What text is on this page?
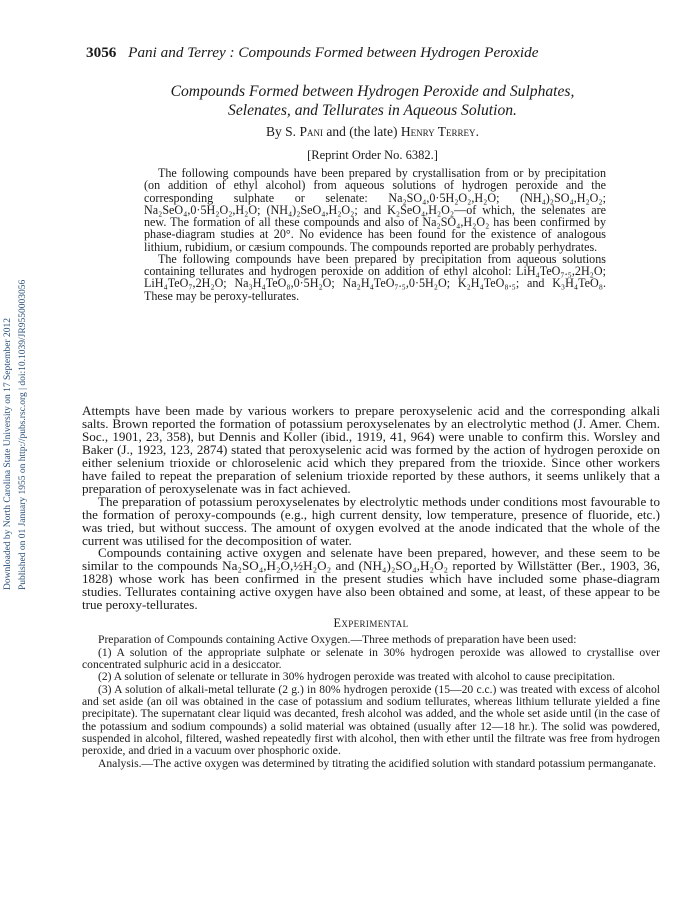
Downloaded by North Carolina State University on 17 September 2012 Published on 01 January 1955 on http://pubs.rsc.org | doi:10.1039/JR9550003056
3056 Pani and Terrey : Compounds Formed between Hydrogen Peroxide
Compounds Formed between Hydrogen Peroxide and Sulphates,
Selenates, and Tellurates in Aqueous Solution.
By S. Pani and (the late) Henry Terrey.
[Reprint Order No. 6382.]

The following compounds have been prepared by crystallisation from or by precipitation (on addition of ethyl alcohol) from aqueous solutions of hydrogen peroxide and the corresponding sulphate or selenate: Na₂SO₄,0·5H₂O₂,H₂O; (NH₄)₂SO₄,H₂O₂; Na₂SeO₄,0·5H₂O₂,H₂O; (NH₄)₂SeO₄,H₂O₂; and K₂SeO₄,H₂O₂—of which, the selenates are new. The formation of all these compounds and also of Na₂SO₄,H₂O₂ has been confirmed by phase-diagram studies at 20°. No evidence has been found for the existence of analogous lithium, rubidium, or cæsium compounds. The compounds reported are probably perhydrates.

The following compounds have been prepared by precipitation from aqueous solutions containing tellurates and hydrogen peroxide on addition of ethyl alcohol: LiH₄TeO₇.₅,2H₂O; LiH₄TeO₇,2H₂O; Na₃H₄TeO₈,0·5H₂O; Na₂H₄TeO₇.₅,0·5H₂O; K₂H₄TeO₈.₅; and K₃H₄TeO₈. These may be peroxy-tellurates.

Attempts have been made by various workers to prepare peroxyselenic acid and the corresponding alkali salts. Brown reported the formation of potassium peroxyselenates by an electrolytic method (J. Amer. Chem. Soc., 1901, 23, 358), but Dennis and Koller (ibid., 1919, 41, 964) were unable to confirm this. Worsley and Baker (J., 1923, 123, 2874) stated that peroxyselenic acid was formed by the action of hydrogen peroxide on either selenium trioxide or chloroselenic acid which they prepared from the trioxide. Since other workers have failed to repeat the preparation of selenium trioxide reported by these authors, it seems unlikely that a preparation of peroxyselenate was in fact achieved.

The preparation of potassium peroxyselenates by electrolytic methods under conditions most favourable to the formation of peroxy-compounds (e.g., high current density, low temperature, presence of fluoride, etc.) was tried, but without success. The amount of oxygen evolved at the anode indicated that the whole of the current was utilised for the decomposition of water.

Compounds containing active oxygen and selenate have been prepared, however, and these seem to be similar to the compounds Na₂SO₄,H₂O,½H₂O₂ and (NH₄)₂SO₄,H₂O₂ reported by Willstätter (Ber., 1903, 36, 1828) whose work has been confirmed in the present studies which have included some phase-diagram studies. Tellurates containing active oxygen have also been obtained and some, at least, of these appear to be true peroxy-tellurates.

Experimental

Preparation of Compounds containing Active Oxygen.—Three methods of preparation have been used:

(1) A solution of the appropriate sulphate or selenate in 30% hydrogen peroxide was allowed to crystallise over concentrated sulphuric acid in a desiccator.

(2) A solution of selenate or tellurate in 30% hydrogen peroxide was treated with alcohol to cause precipitation.

(3) A solution of alkali-metal tellurate (2 g.) in 80% hydrogen peroxide (15—20 c.c.) was treated with excess of alcohol and set aside (an oil was obtained in the case of potassium and sodium tellurates, whereas lithium tellurate yielded a fine precipitate). The supernatant clear liquid was decanted, fresh alcohol was added, and the whole set aside until (in the case of the potassium and sodium compounds) a solid material was obtained (usually after 12—18 hr.). The solid was powdered, suspended in alcohol, filtered, washed repeatedly first with alcohol, then with ether until the filtrate was free from hydrogen peroxide, and dried in a vacuum over phosphoric oxide.

Analysis.—The active oxygen was determined by titrating the acidified solution with standard potassium permanganate.
